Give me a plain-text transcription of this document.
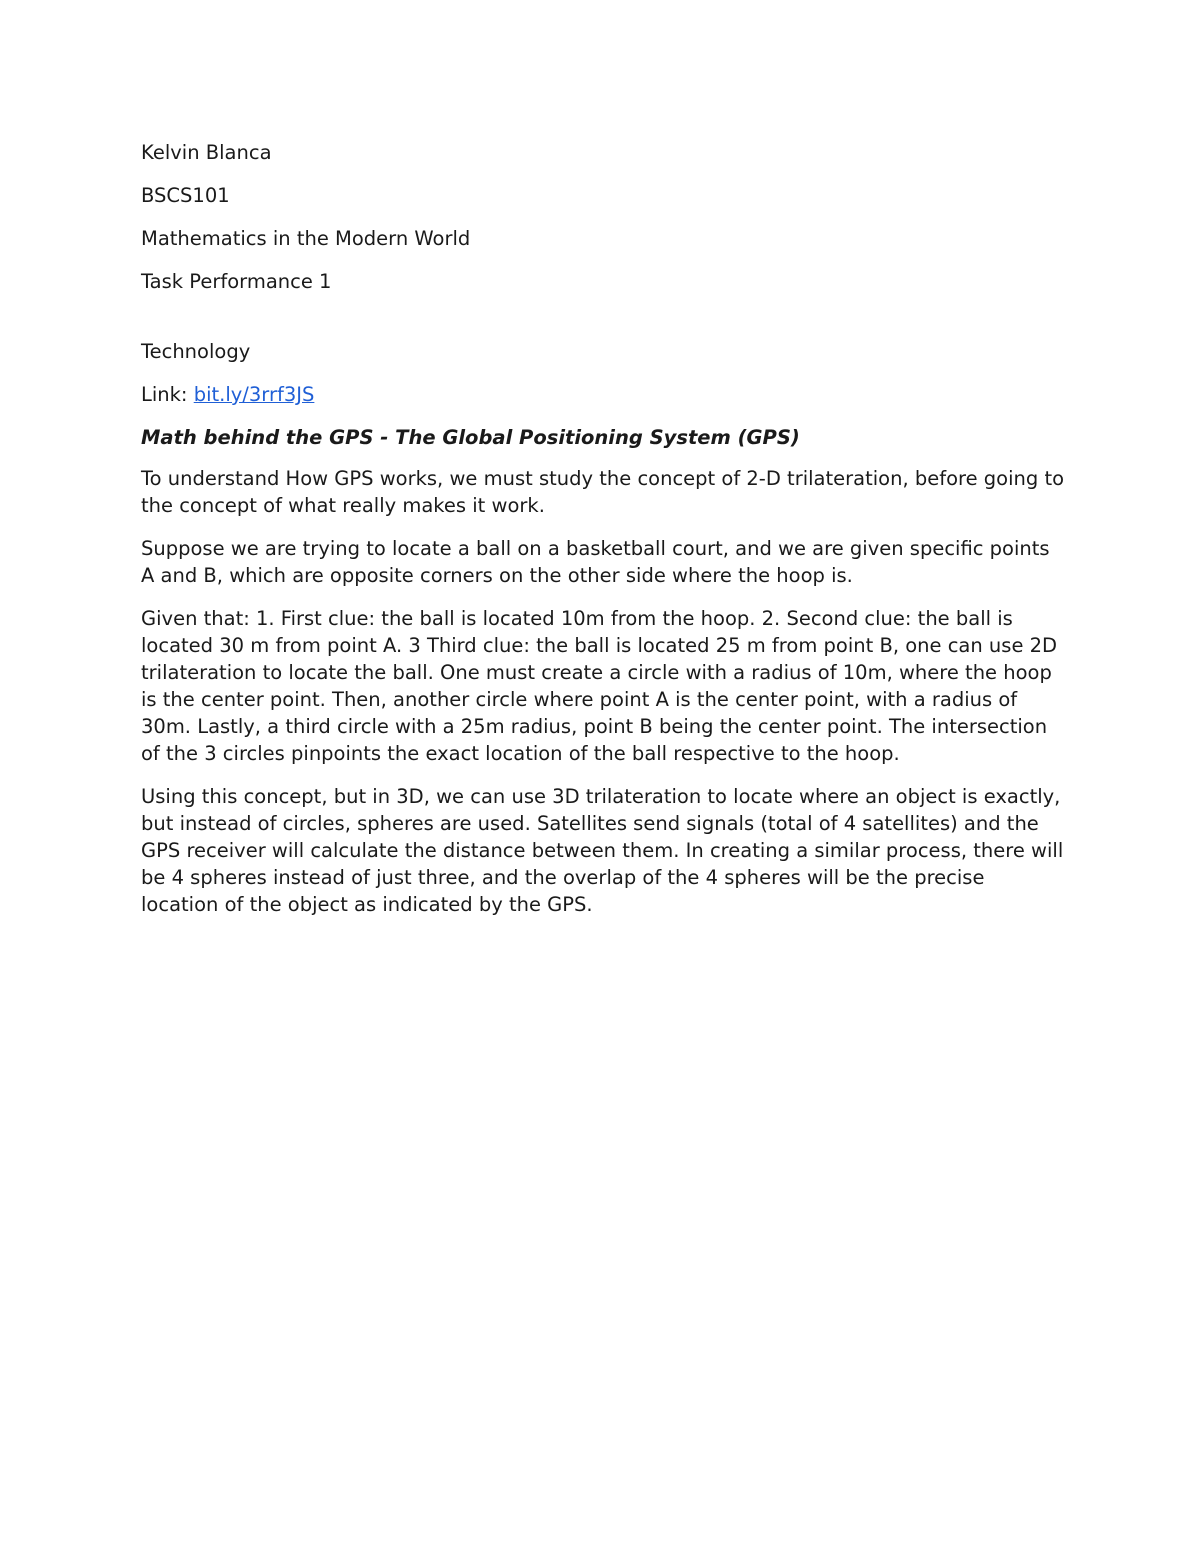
Kelvin Blanca

BSCS101

Mathematics in the Modern World

Task Performance 1

Technology

Link: bit.ly/3rrf3JS

Math behind the GPS - The Global Positioning System (GPS)

To understand How GPS works, we must study the concept of 2-D trilateration, before going to the concept of what really makes it work.

Suppose we are trying to locate a ball on a basketball court, and we are given specific points A and B, which are opposite corners on the other side where the hoop is.

Given that: 1. First clue: the ball is located 10m from the hoop. 2. Second clue: the ball is located 30 m from point A. 3 Third clue: the ball is located 25 m from point B, one can use 2D trilateration to locate the ball. One must create a circle with a radius of 10m, where the hoop is the center point. Then, another circle where point A is the center point, with a radius of 30m. Lastly, a third circle with a 25m radius, point B being the center point. The intersection of the 3 circles pinpoints the exact location of the ball respective to the hoop.

Using this concept, but in 3D, we can use 3D trilateration to locate where an object is exactly, but instead of circles, spheres are used. Satellites send signals (total of 4 satellites) and the GPS receiver will calculate the distance between them. In creating a similar process, there will be 4 spheres instead of just three, and the overlap of the 4 spheres will be the precise location of the object as indicated by the GPS.
